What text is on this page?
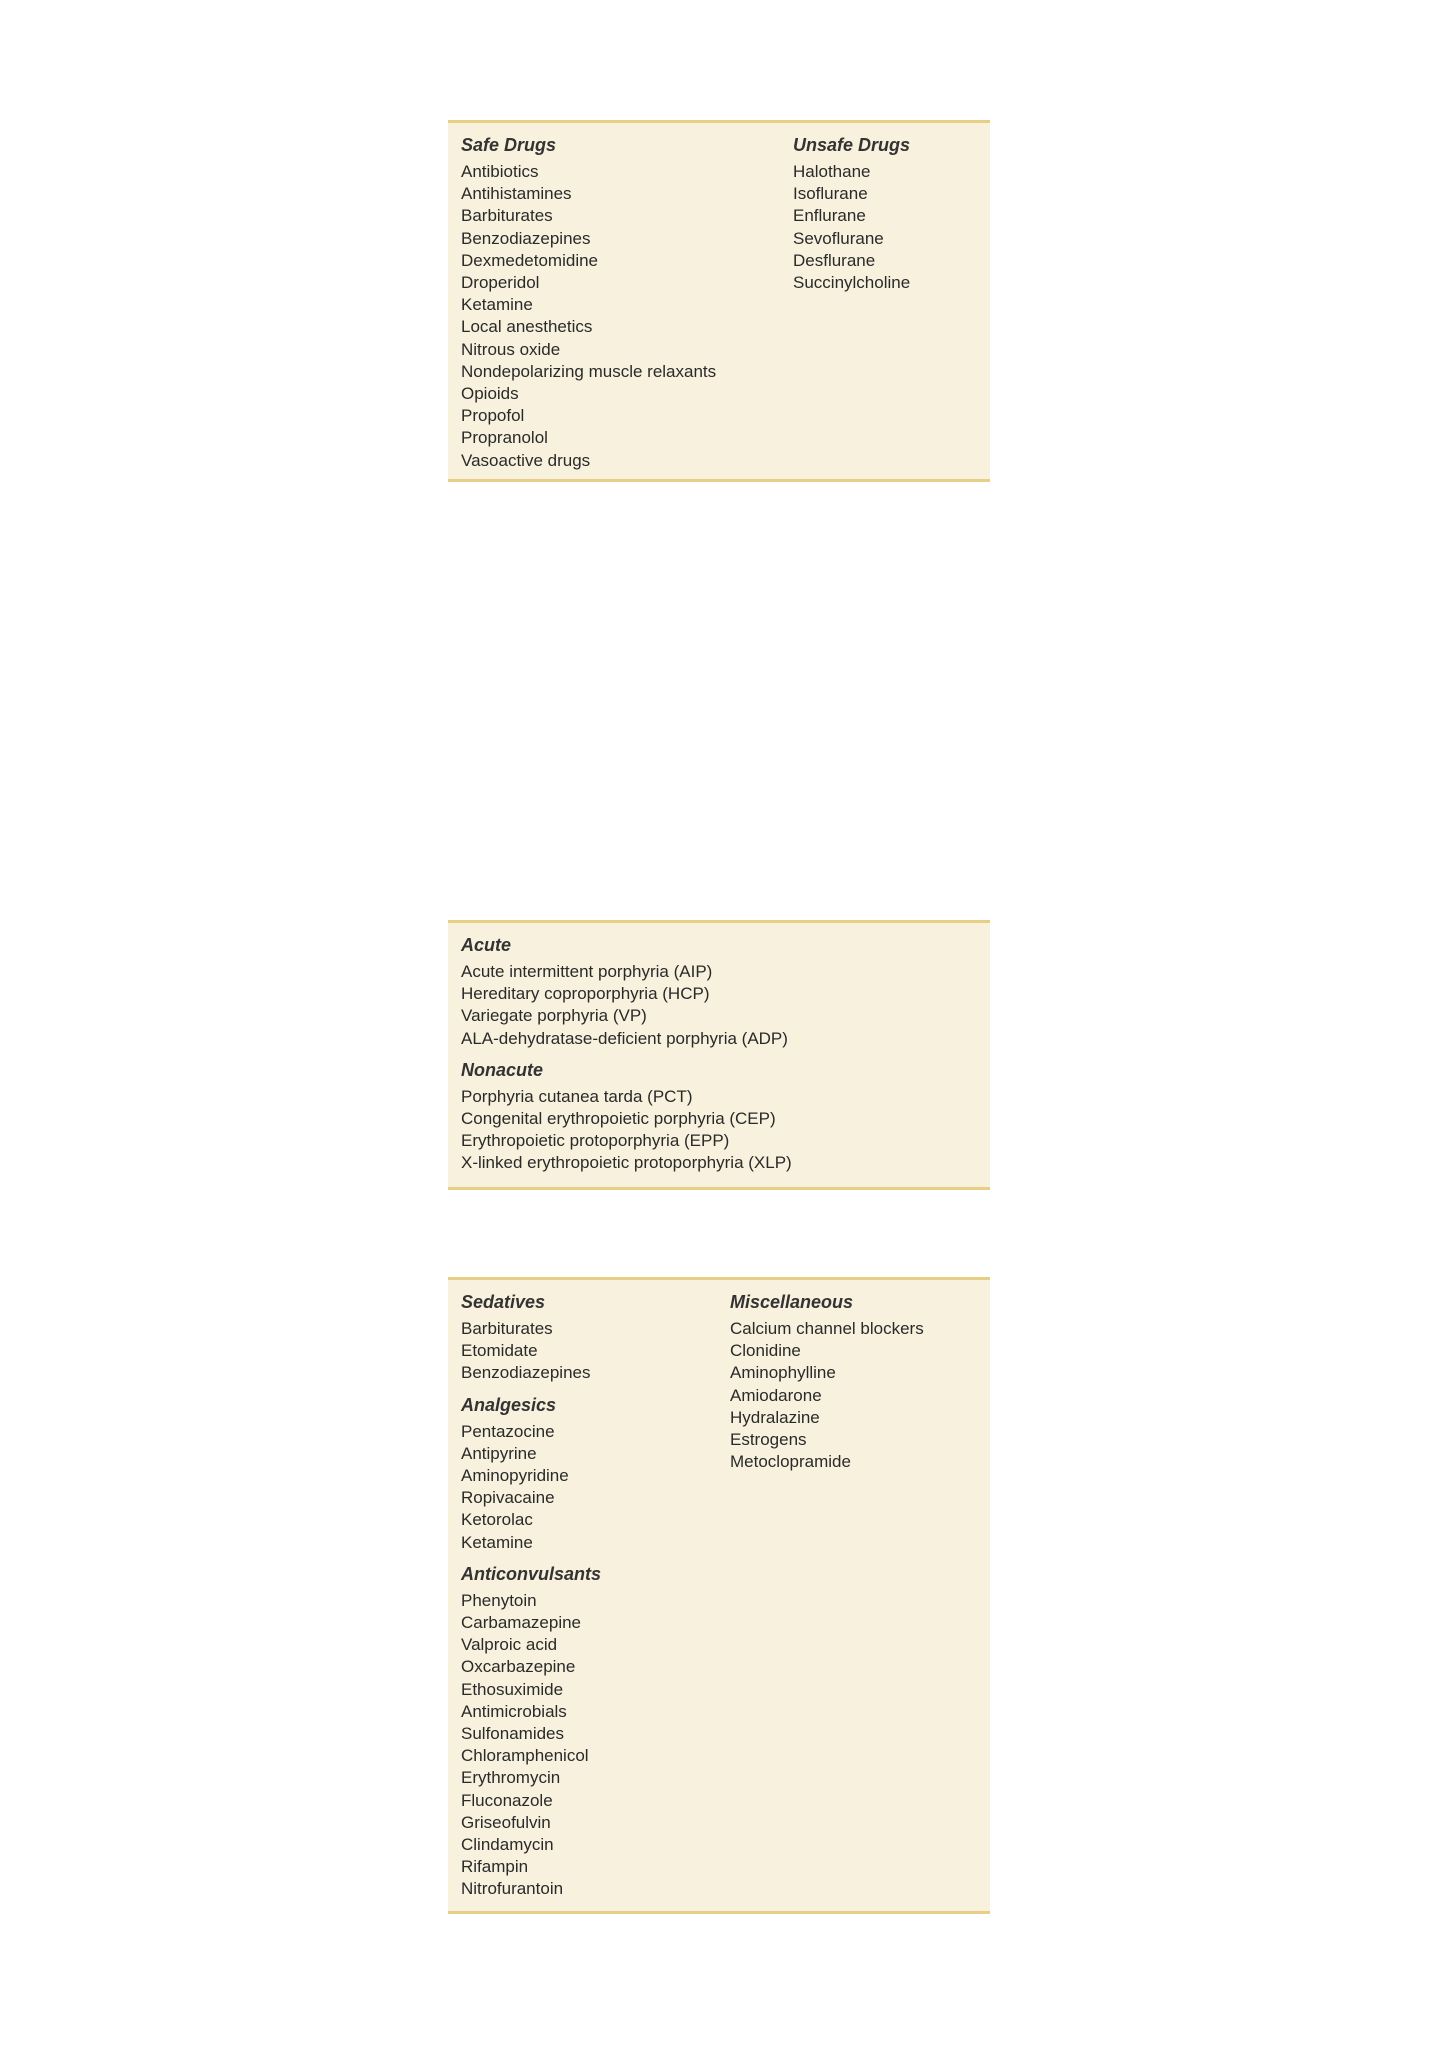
Safe Drugs
Antibiotics
Antihistamines
Barbiturates
Benzodiazepines
Dexmedetomidine
Droperidol
Ketamine
Local anesthetics
Nitrous oxide
Nondepolarizing muscle relaxants
Opioids
Propofol
Propranolol
Vasoactive drugs
Unsafe Drugs
Halothane
Isoflurane
Enflurane
Sevoflurane
Desflurane
Succinylcholine
Acute
Acute intermittent porphyria (AIP)
Hereditary coproporphyria (HCP)
Variegate porphyria (VP)
ALA-dehydratase-deficient porphyria (ADP)
Nonacute
Porphyria cutanea tarda (PCT)
Congenital erythropoietic porphyria (CEP)
Erythropoietic protoporphyria (EPP)
X-linked erythropoietic protoporphyria (XLP)
Sedatives
Barbiturates
Etomidate
Benzodiazepines
Analgesics
Pentazocine
Antipyrine
Aminopyridine
Ropivacaine
Ketorolac
Ketamine
Anticonvulsants
Phenytoin
Carbamazepine
Valproic acid
Oxcarbazepine
Ethosuximide
Antimicrobials
Sulfonamides
Chloramphenicol
Erythromycin
Fluconazole
Griseofulvin
Clindamycin
Rifampin
Nitrofurantoin
Miscellaneous
Calcium channel blockers
Clonidine
Aminophylline
Amiodarone
Hydralazine
Estrogens
Metoclopramide
